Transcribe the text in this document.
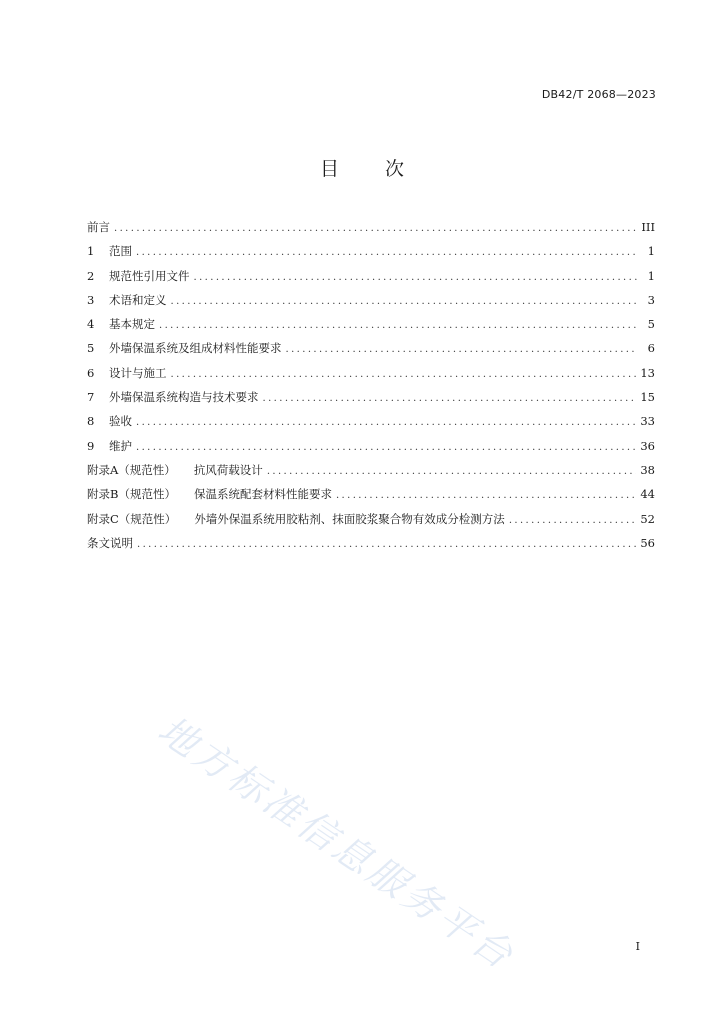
DB42/T 2068—2023
目 次
前言 .....	III
1	范围 .....	1
2	规范性引用文件 .....	1
3	术语和定义 .....	3
4	基本规定 .....	5
5	外墙保温系统及组成材料性能要求 .....	6
6	设计与施工 .....	13
7	外墙保温系统构造与技术要求 .....	15
8	验收 .....	33
9	维护 .....	36
附录A（规范性） 抗风荷载设计 .....	38
附录B（规范性） 保温系统配套材料性能要求 .....	44
附录C（规范性） 外墙外保温系统用胶粘剂、抹面胶浆聚合物有效成分检测方法 .....	52
条文说明 .....	56
地方标准信息服务平台	I
